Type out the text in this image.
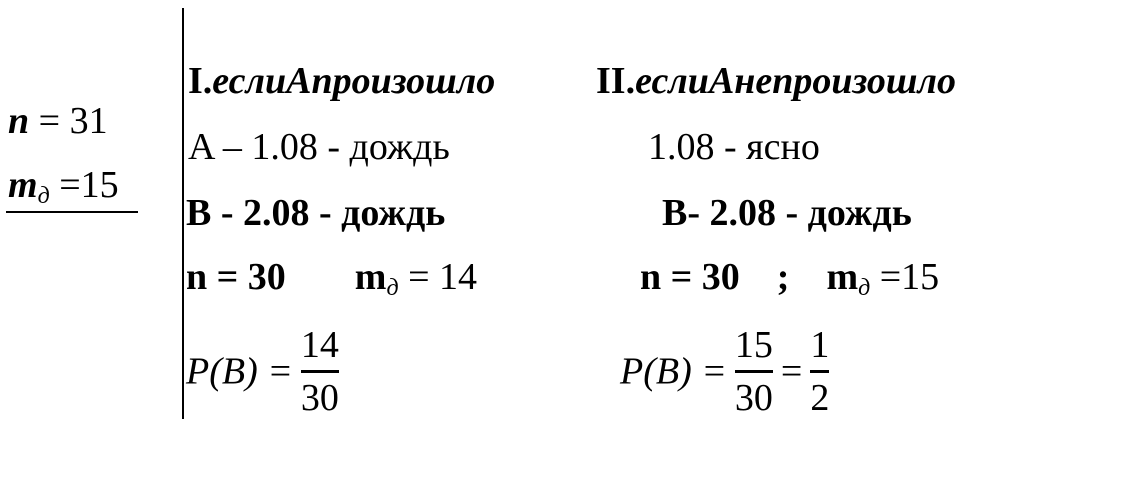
n = 31
mд =15
I.еслиАпроизошло
A – 1.08 - дождь
B - 2.08 - дождь
n = 30 mд = 14
$P(B) = \frac{14}{30}$
II.еслиАнепроизошло
1.08 - ясно
B- 2.08 - дождь
n = 30 ; mд =15
$P(B) = \frac{15}{30} = \frac{1}{2}$
